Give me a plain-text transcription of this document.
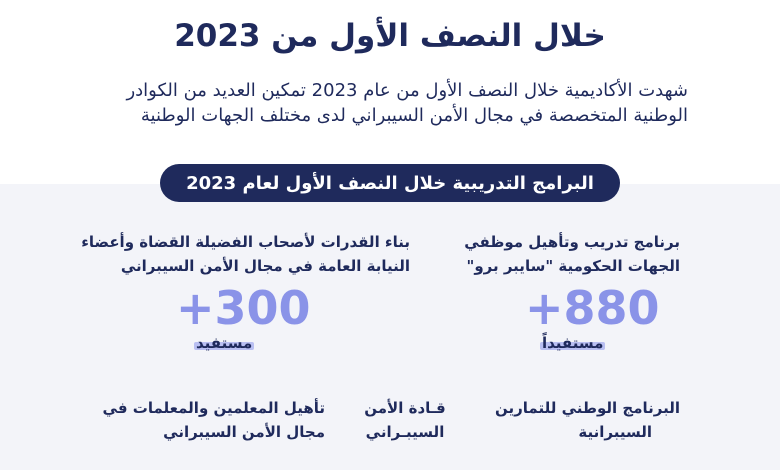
خلال النصف الأول من 2023
شهدت الأكاديمية خلال النصف الأول من عام 2023 تمكين العديد من الكوادر
الوطنية المتخصصة في مجال الأمن السيبراني لدى مختلف الجهات الوطنية
البرامج التدريبية خلال النصف الأول لعام 2023
برنامج تدريب وتأهيل موظفي
الجهات الحكومية "سايبر برو"
+880
مستفيداً
بناء القدرات لأصحاب الفضيلة القضاة وأعضاء
النيابة العامة في مجال الأمن السيبراني
+300
مستفيد
البرنامج الوطني للتمارين
السيبرانية
قـادة الأمن
السيبـراني
تأهيل المعلمين والمعلمات في
مجال الأمن السيبراني
